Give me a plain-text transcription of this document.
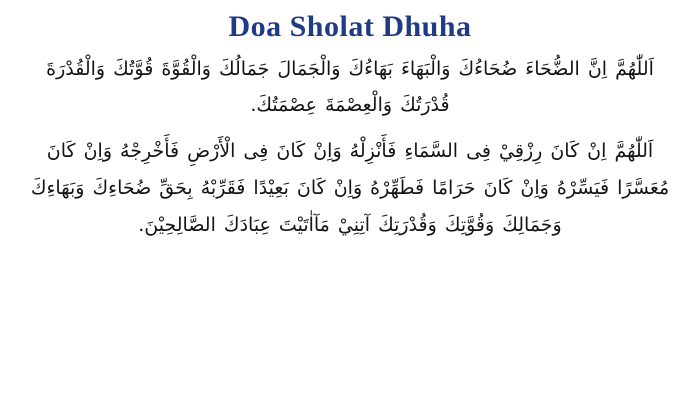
Doa Sholat Dhuha

اَللّٰهُمَّ اِنَّ الضُّحَاءَ ضُحَاءُكَ وَالْبَهَاءَ بَهَاءُكَ وَالْجَمَالَ جَمَالُكَ وَالْقُوَّةَ قُوَّتُكَ وَالْقُدْرَةَ قُدْرَتُكَ وَالْعِصْمَةَ عِصْمَتُكَ.

اَللّٰهُمَّ اِنْ كَانَ رِزْقِيْ فِى السَّمَاءِ فَأَنْزِلْهُ وَاِنْ كَانَ فِى الْأَرْضِ فَأَخْرِجْهُ وَاِنْ كَانَ مُعَسَّرًا فَيَسِّرْهُ وَاِنْ كَانَ حَرَامًا فَطَهِّرْهُ وَاِنْ كَانَ بَعِيْدًا فَقَرِّبْهُ بِحَقِّ ضُحَاءِكَ وَبَهَاءِكَ وَجَمَالِكَ وَقُوَّتِكَ وَقُدْرَتِكَ آتِنِيْ مَآاٰتَيْتَ عِبَادَكَ الصَّالِحِيْنَ.
